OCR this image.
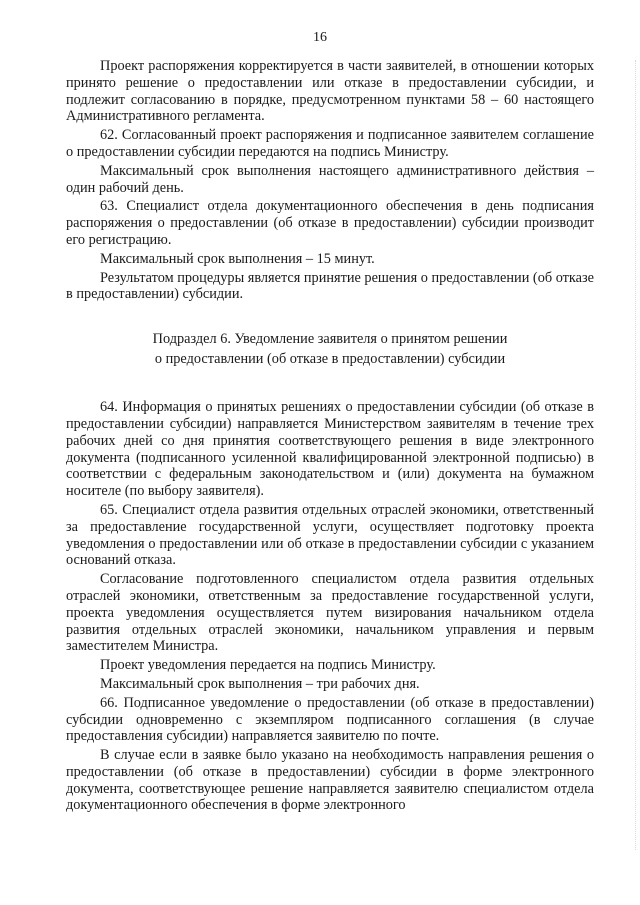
16

Проект распоряжения корректируется в части заявителей, в отношении которых принято решение о предоставлении или отказе в предоставлении субсидии, и подлежит согласованию в порядке, предусмотренном пунктами 58 – 60 настоящего Административного регламента.

62. Согласованный проект распоряжения и подписанное заявителем соглашение о предоставлении субсидии передаются на подпись Министру.

Максимальный срок выполнения настоящего административного действия – один рабочий день.

63. Специалист отдела документационного обеспечения в день подписания распоряжения о предоставлении (об отказе в предоставлении) субсидии производит его регистрацию.

Максимальный срок выполнения – 15 минут.

Результатом процедуры является принятие решения о предоставлении (об отказе в предоставлении) субсидии.

Подраздел 6. Уведомление заявителя о принятом решении
о предоставлении (об отказе в предоставлении) субсидии

64. Информация о принятых решениях о предоставлении субсидии (об отказе в предоставлении субсидии) направляется Министерством заявителям в течение трех рабочих дней со дня принятия соответствующего решения в виде электронного документа (подписанного усиленной квалифицированной электронной подписью) в соответствии с федеральным законодательством и (или) документа на бумажном носителе (по выбору заявителя).

65. Специалист отдела развития отдельных отраслей экономики, ответственный за предоставление государственной услуги, осуществляет подготовку проекта уведомления о предоставлении или об отказе в предоставлении субсидии с указанием оснований отказа.

Согласование подготовленного специалистом отдела развития отдельных отраслей экономики, ответственным за предоставление государственной услуги, проекта уведомления осуществляется путем визирования начальником отдела развития отдельных отраслей экономики, начальником управления и первым заместителем Министра.

Проект уведомления передается на подпись Министру.

Максимальный срок выполнения – три рабочих дня.

66. Подписанное уведомление о предоставлении (об отказе в предоставлении) субсидии одновременно с экземпляром подписанного соглашения (в случае предоставления субсидии) направляется заявителю по почте.

В случае если в заявке было указано на необходимость направления решения о предоставлении (об отказе в предоставлении) субсидии в форме электронного документа, соответствующее решение направляется заявителю специалистом отдела документационного обеспечения в форме электронного
